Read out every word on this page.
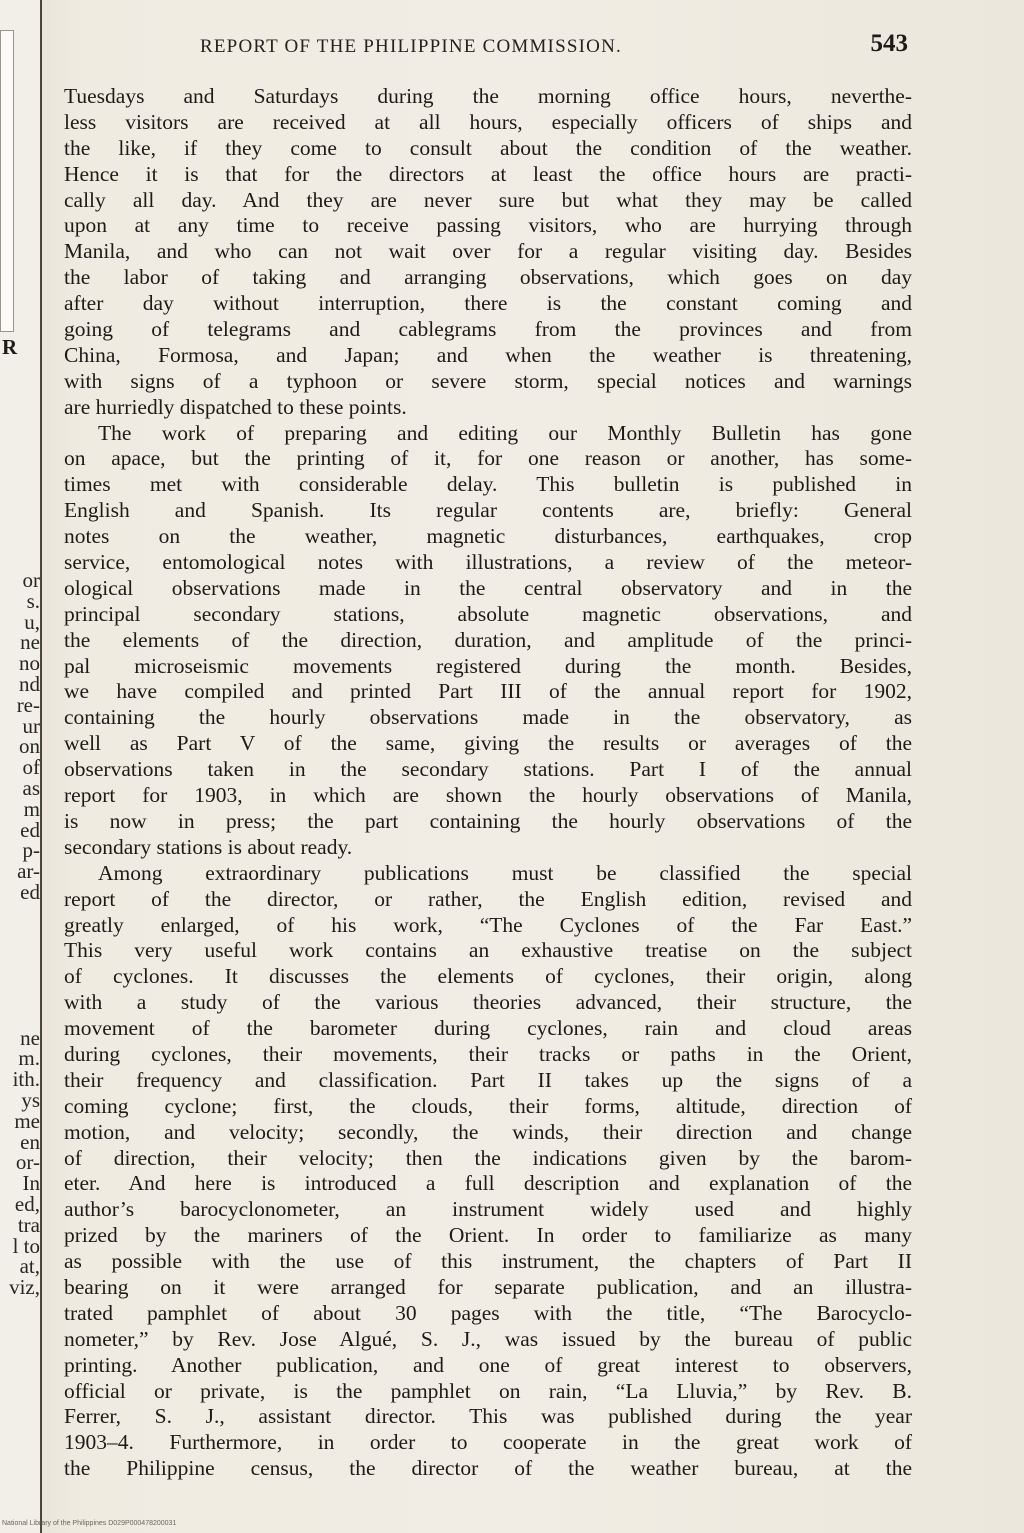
R
or
s.
u,
ne
no
nd
re-
ur
on
of
as
m
ed
p-
ar-
ed
ne
m.
ith.
ys
me
en
or-
In
ed,
tra
l to
at,
viz,
REPORT OF THE PHILIPPINE COMMISSION.	543
Tuesdays and Saturdays during the morning office hours, neverthe-
less visitors are received at all hours, especially officers of ships and
the like, if they come to consult about the condition of the weather.
Hence it is that for the directors at least the office hours are practi-
cally all day. And they are never sure but what they may be called
upon at any time to receive passing visitors, who are hurrying through
Manila, and who can not wait over for a regular visiting day. Besides
the labor of taking and arranging observations, which goes on day
after day without interruption, there is the constant coming and
going of telegrams and cablegrams from the provinces and from
China, Formosa, and Japan; and when the weather is threatening,
with signs of a typhoon or severe storm, special notices and warnings
are hurriedly dispatched to these points.
The work of preparing and editing our Monthly Bulletin has gone
on apace, but the printing of it, for one reason or another, has some-
times met with considerable delay. This bulletin is published in
English and Spanish. Its regular contents are, briefly: General
notes on the weather, magnetic disturbances, earthquakes, crop
service, entomological notes with illustrations, a review of the meteor-
ological observations made in the central observatory and in the
principal secondary stations, absolute magnetic observations, and
the elements of the direction, duration, and amplitude of the princi-
pal microseismic movements registered during the month. Besides,
we have compiled and printed Part III of the annual report for 1902,
containing the hourly observations made in the observatory, as
well as Part V of the same, giving the results or averages of the
observations taken in the secondary stations. Part I of the annual
report for 1903, in which are shown the hourly observations of Manila,
is now in press; the part containing the hourly observations of the
secondary stations is about ready.
Among extraordinary publications must be classified the special
report of the director, or rather, the English edition, revised and
greatly enlarged, of his work, “The Cyclones of the Far East.”
This very useful work contains an exhaustive treatise on the subject
of cyclones. It discusses the elements of cyclones, their origin, along
with a study of the various theories advanced, their structure, the
movement of the barometer during cyclones, rain and cloud areas
during cyclones, their movements, their tracks or paths in the Orient,
their frequency and classification. Part II takes up the signs of a
coming cyclone; first, the clouds, their forms, altitude, direction of
motion, and velocity; secondly, the winds, their direction and change
of direction, their velocity; then the indications given by the barom-
eter. And here is introduced a full description and explanation of the
author’s barocyclonometer, an instrument widely used and highly
prized by the mariners of the Orient. In order to familiarize as many
as possible with the use of this instrument, the chapters of Part II
bearing on it were arranged for separate publication, and an illustra-
trated pamphlet of about 30 pages with the title, “The Barocyclo-
nometer,” by Rev. Jose Algué, S. J., was issued by the bureau of public
printing. Another publication, and one of great interest to observers,
official or private, is the pamphlet on rain, “La Lluvia,” by Rev. B.
Ferrer, S. J., assistant director. This was published during the year
1903–4. Furthermore, in order to cooperate in the great work of
the Philippine census, the director of the weather bureau, at the
National Library of the Philippines D029P000478200031
